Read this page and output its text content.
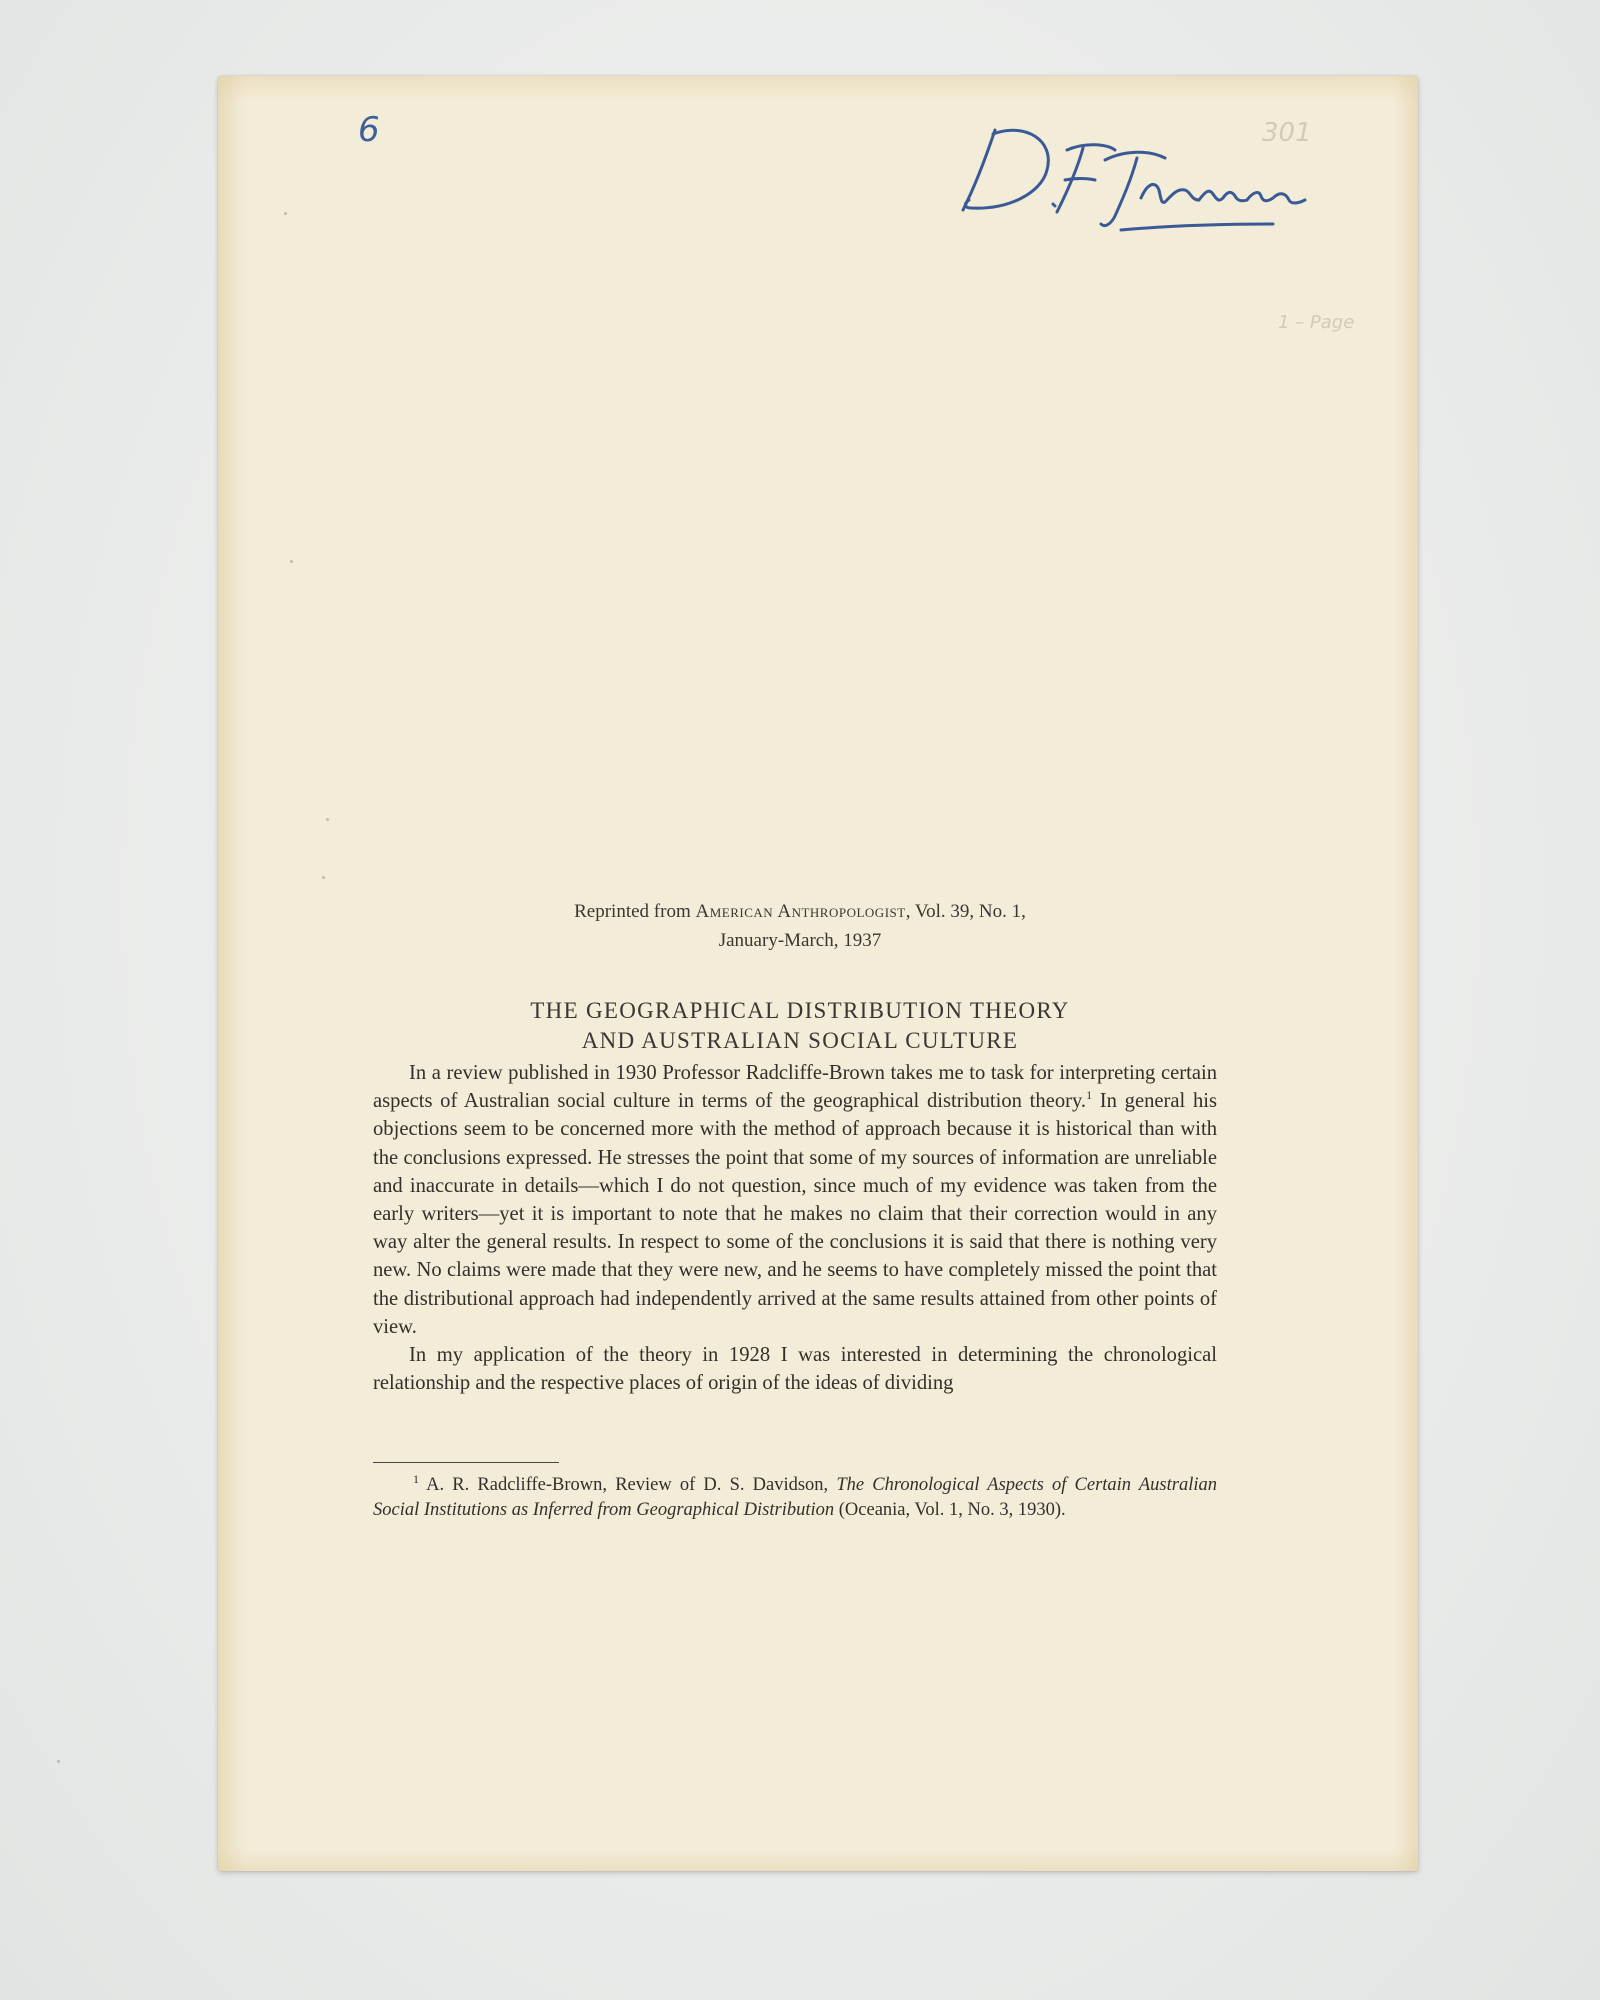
6	301
1 – Page
Reprinted from American Anthropologist, Vol. 39, No. 1,
January-March, 1937
THE GEOGRAPHICAL DISTRIBUTION THEORY
AND AUSTRALIAN SOCIAL CULTURE

In a review published in 1930 Professor Radcliffe-Brown takes me to task for interpreting certain aspects of Australian social culture in terms of the geographical distribution theory.$^1$ In general his objections seem to be concerned more with the method of approach because it is historical than with the conclusions expressed. He stresses the point that some of my sources of information are unreliable and inaccurate in details—which I do not question, since much of my evidence was taken from the early writers—yet it is important to note that he makes no claim that their correction would in any way alter the general results. In respect to some of the conclusions it is said that there is nothing very new. No claims were made that they were new, and he seems to have completely missed the point that the distributional approach had independently arrived at the same results attained from other points of view.

In my application of the theory in 1928 I was interested in determining the chronological relationship and the respective places of origin of the ideas of dividing

$^1$ A. R. Radcliffe-Brown, Review of D. S. Davidson, The Chronological Aspects of Certain Australian Social Institutions as Inferred from Geographical Distribution (Oceania, Vol. 1, No. 3, 1930).
